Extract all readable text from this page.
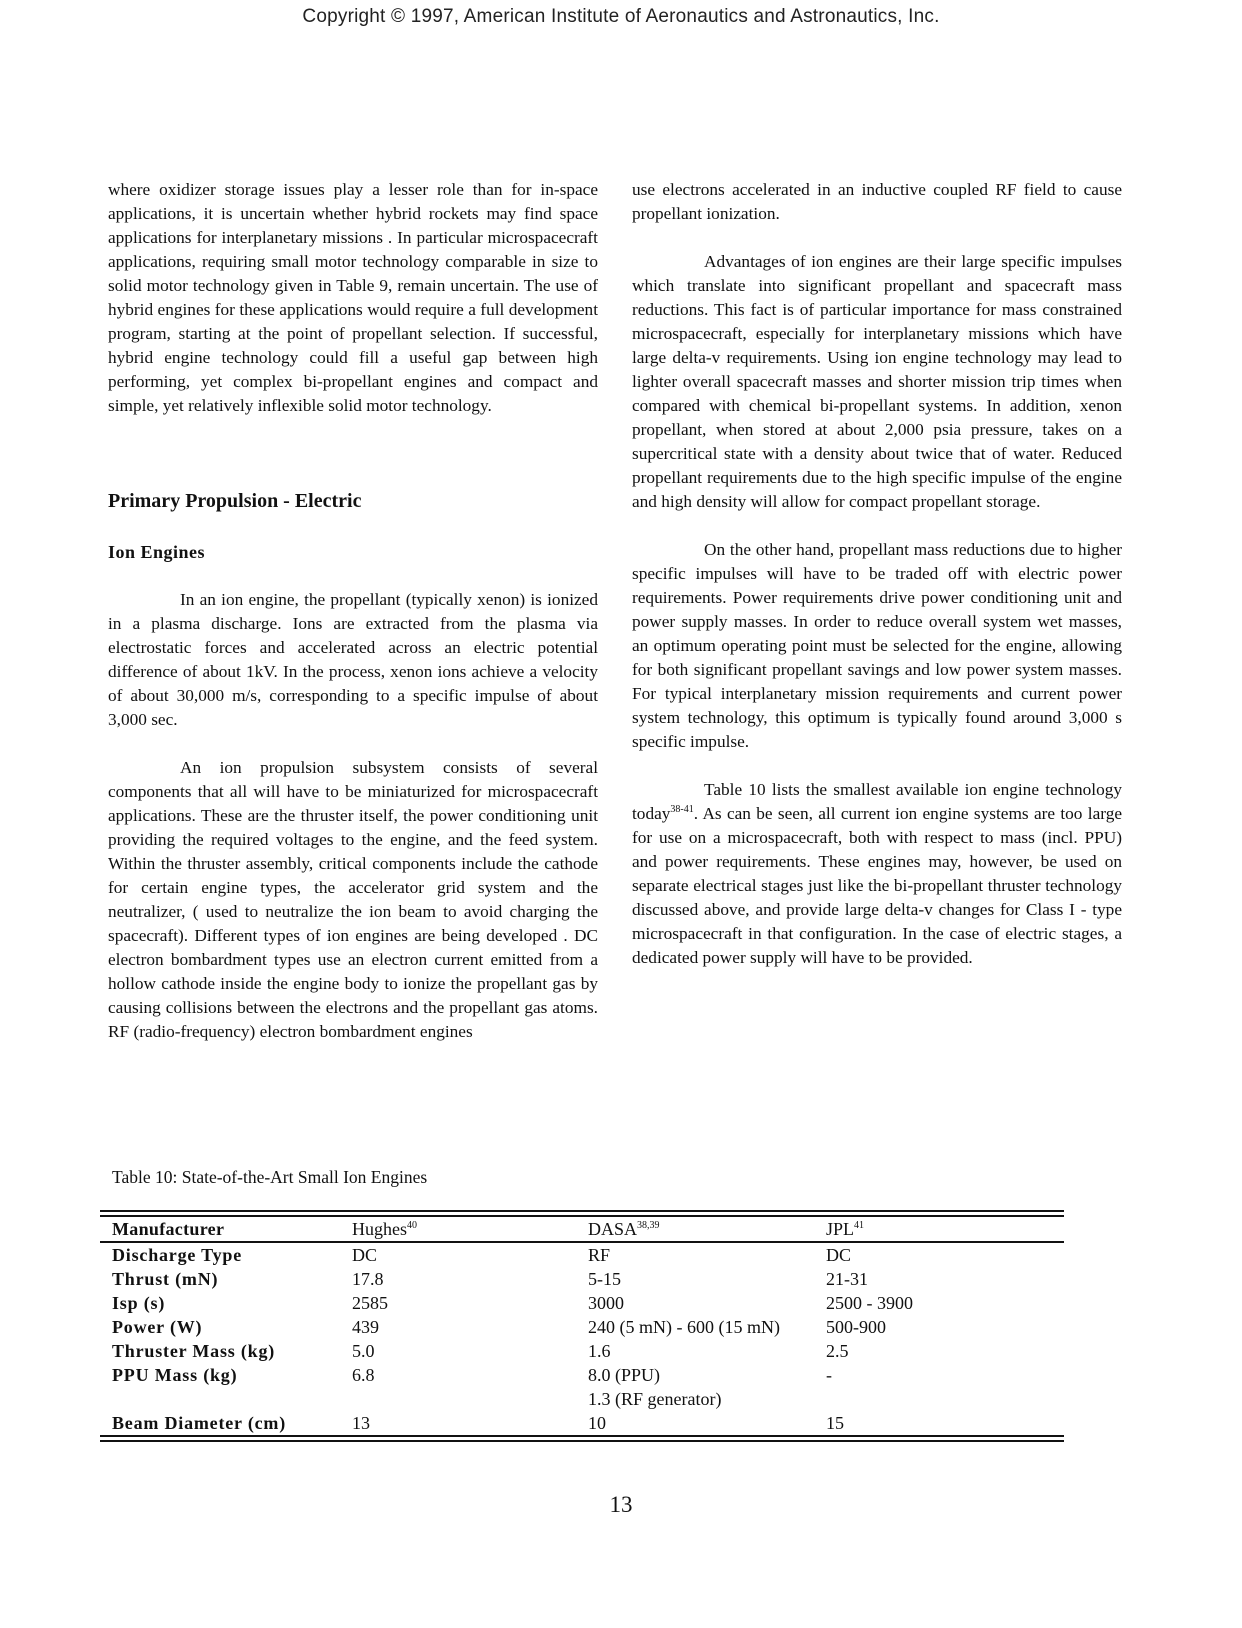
Copyright © 1997, American Institute of Aeronautics and Astronautics, Inc.

where oxidizer storage issues play a lesser role than for in-space applications, it is uncertain whether hybrid rockets may find space applications for interplanetary missions . In particular microspacecraft applications, requiring small motor technology comparable in size to solid motor technology given in Table 9, remain uncertain. The use of hybrid engines for these applications would require a full development program, starting at the point of propellant selection. If successful, hybrid engine technology could fill a useful gap between high performing, yet complex bi-propellant engines and compact and simple, yet relatively inflexible solid motor technology.

Primary Propulsion - Electric
Ion Engines

In an ion engine, the propellant (typically xenon) is ionized in a plasma discharge. Ions are extracted from the plasma via electrostatic forces and accelerated across an electric potential difference of about 1kV. In the process, xenon ions achieve a velocity of about 30,000 m/s, corresponding to a specific impulse of about 3,000 sec.

An ion propulsion subsystem consists of several components that all will have to be miniaturized for microspacecraft applications. These are the thruster itself, the power conditioning unit providing the required voltages to the engine, and the feed system. Within the thruster assembly, critical components include the cathode for certain engine types, the accelerator grid system and the neutralizer, ( used to neutralize the ion beam to avoid charging the spacecraft). Different types of ion engines are being developed . DC electron bombardment types use an electron current emitted from a hollow cathode inside the engine body to ionize the propellant gas by causing collisions between the electrons and the propellant gas atoms. RF (radio-frequency) electron bombardment engines

use electrons accelerated in an inductive coupled RF field to cause propellant ionization.

Advantages of ion engines are their large specific impulses which translate into significant propellant and spacecraft mass reductions. This fact is of particular importance for mass constrained microspacecraft, especially for interplanetary missions which have large delta-v requirements. Using ion engine technology may lead to lighter overall spacecraft masses and shorter mission trip times when compared with chemical bi-propellant systems. In addition, xenon propellant, when stored at about 2,000 psia pressure, takes on a supercritical state with a density about twice that of water. Reduced propellant requirements due to the high specific impulse of the engine and high density will allow for compact propellant storage.

On the other hand, propellant mass reductions due to higher specific impulses will have to be traded off with electric power requirements. Power requirements drive power conditioning unit and power supply masses. In order to reduce overall system wet masses, an optimum operating point must be selected for the engine, allowing for both significant propellant savings and low power system masses. For typical interplanetary mission requirements and current power system technology, this optimum is typically found around 3,000 s specific impulse.

Table 10 lists the smallest available ion engine technology today$^{38-41}$. As can be seen, all current ion engine systems are too large for use on a microspacecraft, both with respect to mass (incl. PPU) and power requirements. These engines may, however, be used on separate electrical stages just like the bi-propellant thruster technology discussed above, and provide large delta-v changes for Class I - type microspacecraft in that configuration. In the case of electric stages, a dedicated power supply will have to be provided.

Table 10: State-of-the-Art Small Ion Engines
Manufacturer	Hughes$^{40}$	DASA$^{38,39}$	JPL$^{41}$
Discharge Type	DC	RF	DC
Thrust (mN)	17.8	5-15	21-31
Isp (s)	2585	3000	2500 - 3900
Power (W)	439	240 (5 mN) - 600 (15 mN)	500-900
Thruster Mass (kg)	5.0	1.6	2.5
PPU Mass (kg)	6.8	8.0 (PPU)	-
1.3 (RF generator)
Beam Diameter (cm)	13	10	15
13
